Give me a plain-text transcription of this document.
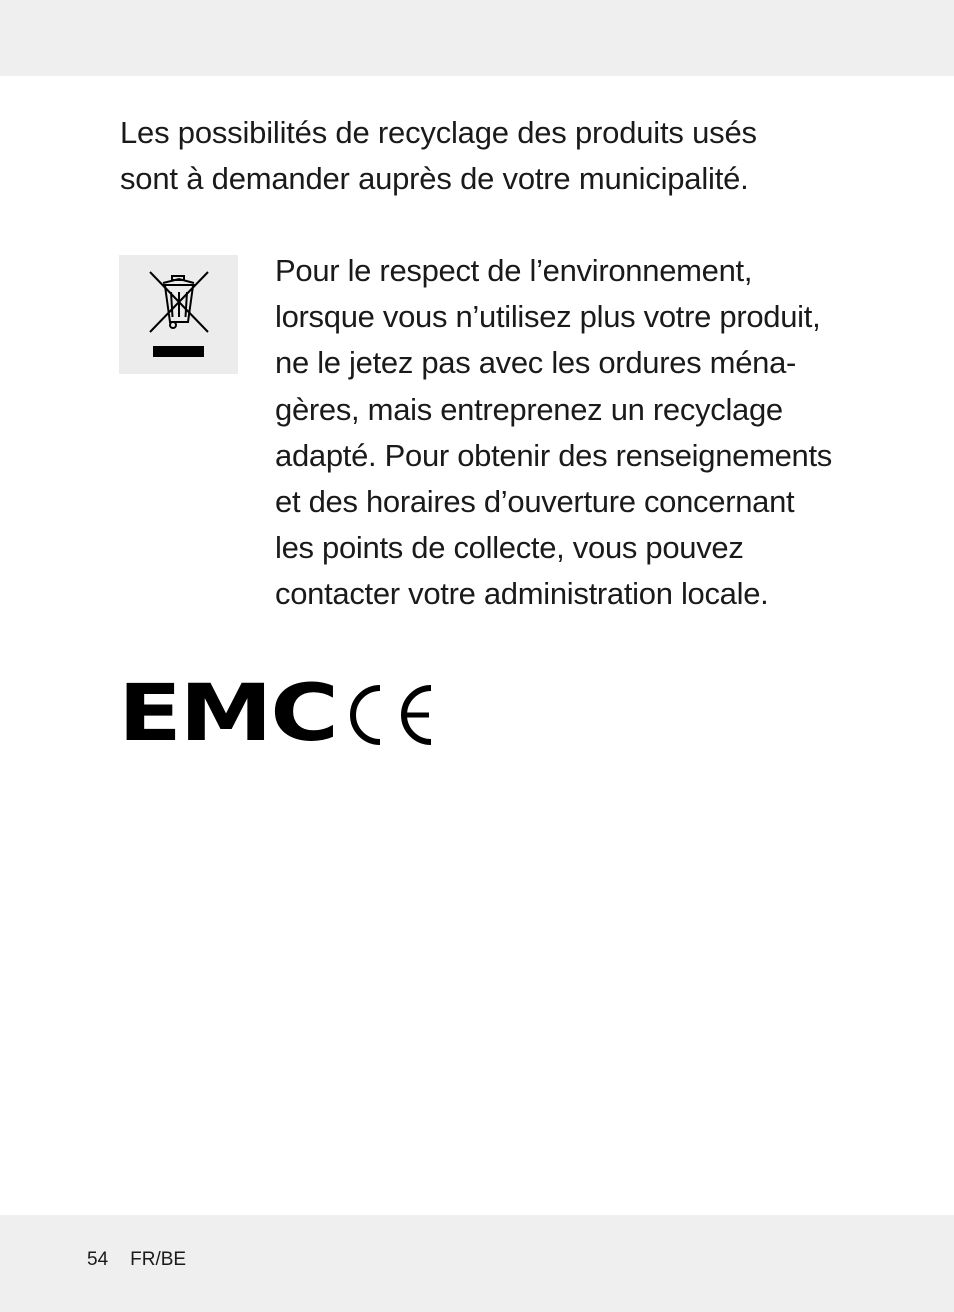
Les possibilités de recyclage des produits usés
sont à demander auprès de votre municipalité.

Pour le respect de l’environnement,
lorsque vous n’utilisez plus votre produit,
ne le jetez pas avec les ordures ména-
gères, mais entreprenez un recyclage
adapté. Pour obtenir des renseignements
et des horaires d’ouverture concernant
les points de collecte, vous pouvez
contacter votre administration locale.

EMC
54 FR/BE
